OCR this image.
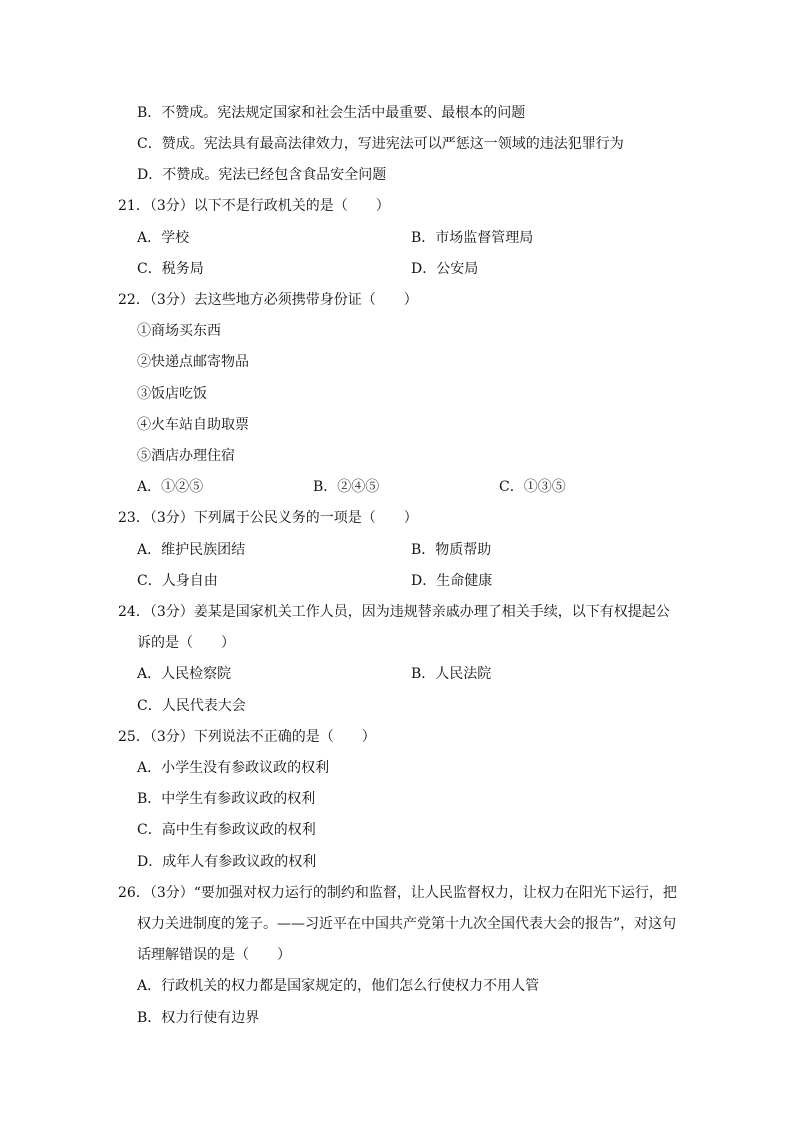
B．不赞成。宪法规定国家和社会生活中最重要、最根本的问题
C．赞成。宪法具有最高法律效力，写进宪法可以严惩这一领域的违法犯罪行为
D．不赞成。宪法已经包含食品安全问题
21．（3分）以下不是行政机关的是（　　）
A．学校	B．市场监督管理局
C．税务局	D．公安局
22．（3分）去这些地方必须携带身份证（　　）
①商场买东西
②快递点邮寄物品
③饭店吃饭
④火车站自助取票
⑤酒店办理住宿
A．①②⑤	B．②④⑤	C．①③⑤
23．（3分）下列属于公民义务的一项是（　　）
A．维护民族团结	B．物质帮助
C．人身自由	D．生命健康
24．（3分）姜某是国家机关工作人员，因为违规替亲戚办理了相关手续，以下有权提起公
诉的是（　　）
A．人民检察院	B．人民法院
C．人民代表大会
25．（3分）下列说法不正确的是（　　）
A．小学生没有参政议政的权利
B．中学生有参政议政的权利
C．高中生有参政议政的权利
D．成年人有参政议政的权利
26．（3分）“要加强对权力运行的制约和监督，让人民监督权力，让权力在阳光下运行，把
权力关进制度的笼子。——习近平在中国共产党第十九次全国代表大会的报告”，对这句
话理解错误的是（　　）
A．行政机关的权力都是国家规定的，他们怎么行使权力不用人管
B．权力行使有边界
